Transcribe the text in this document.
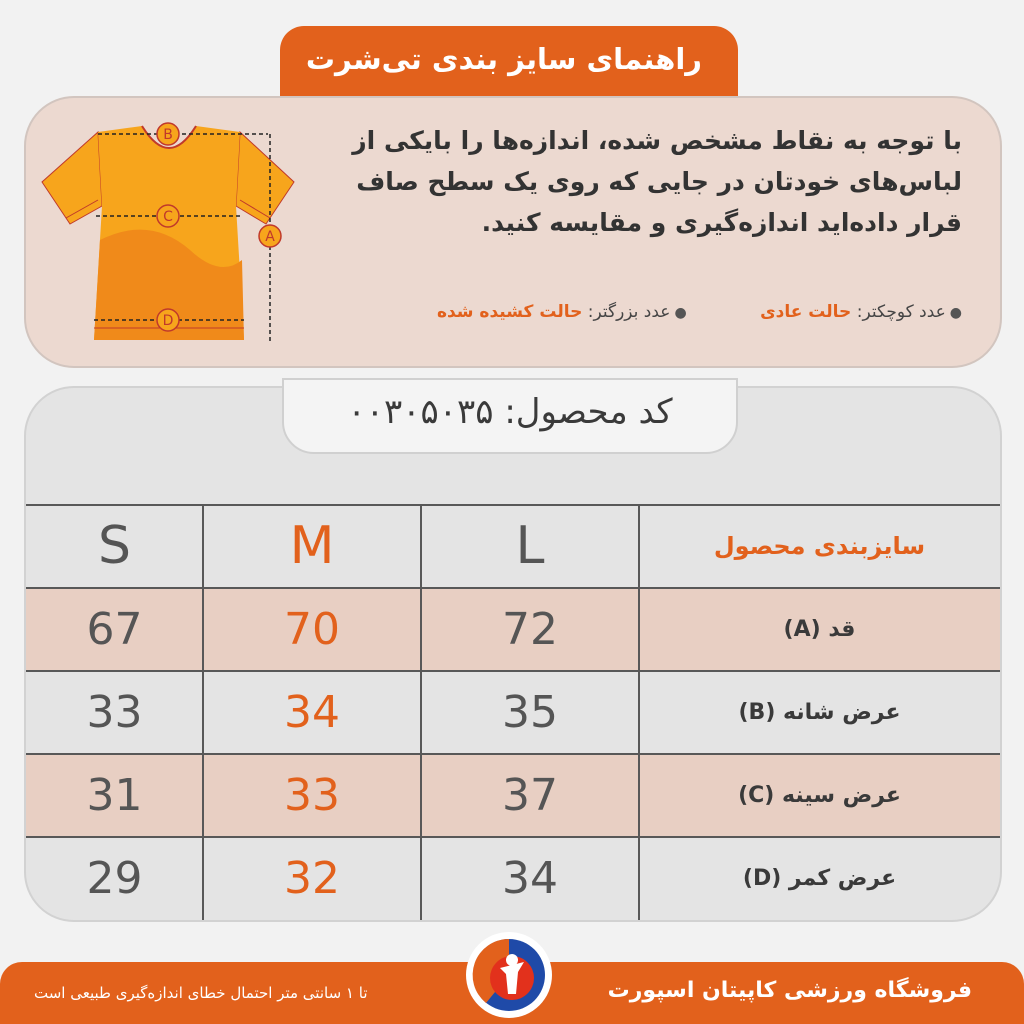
راهنمای سایز بندی تی‌شرت
B
C
D
A
با توجه به نقاط مشخص شده، اندازه‌ها را بایکی از لباس‌های خودتان در جایی که روی یک سطح صاف قرار داده‌اید اندازه‌گیری و مقایسه کنید.
●عدد کوچکتر: حالت عادی ●عدد بزرگتر: حالت کشیده شده
S	M	L	سایزبندی محصول
67	70	72	قد (A)
33	34	35	عرض شانه (B)
31	33	37	عرض سینه (C)
29	32	34	عرض کمر (D)
کد محصول: ۰۰۳۰۵۰۳۵
فروشگاه ورزشی کاپیتان اسپورت
تا ۱ سانتی متر احتمال خطای اندازه‌گیری طبیعی است
